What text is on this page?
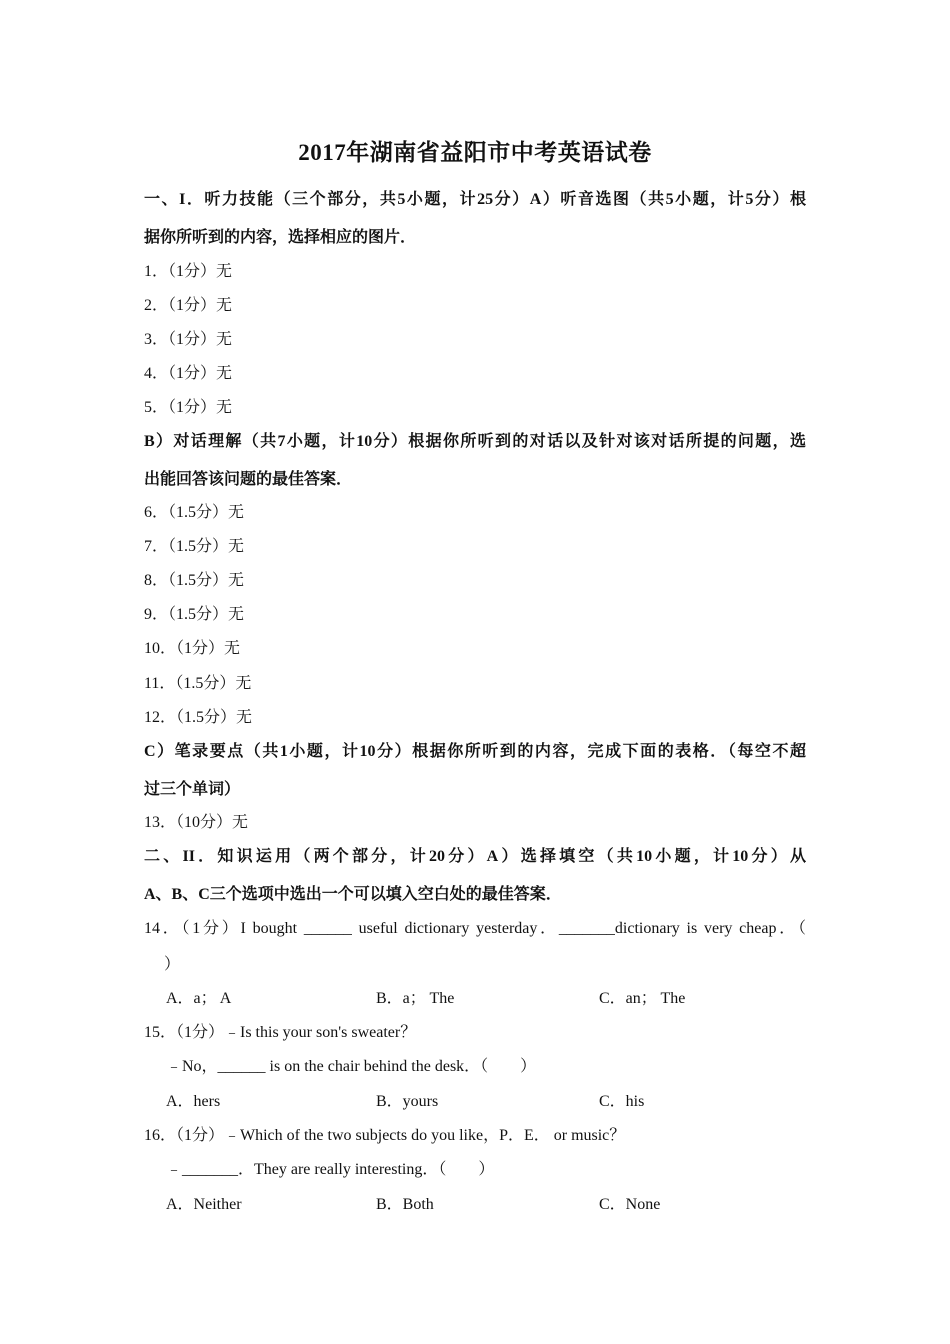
2017年湖南省益阳市中考英语试卷
一、I．听力技能（三个部分，共5小题，计25分）A）听音选图（共5小题，计5分）根
据你所听到的内容，选择相应的图片．
1．（1分）无
2．（1分）无
3．（1分）无
4．（1分）无
5．（1分）无
B）对话理解（共7小题，计10分）根据你所听到的对话以及针对该对话所提的问题，选
出能回答该问题的最佳答案．
6．（1.5分）无
7．（1.5分）无
8．（1.5分）无
9．（1.5分）无
10．（1分）无
11．（1.5分）无
12．（1.5分）无
C）笔录要点（共1小题，计10分）根据你所听到的内容，完成下面的表格．（每空不超
过三个单词）
13．（10分）无
二、II．知识运用（两个部分，计20分）A）选择填空（共10小题，计10分）从
A、B、C三个选项中选出一个可以填入空白处的最佳答案．
14．（1分）I bought ______ useful dictionary yesterday．_______dictionary is very cheap．（
）
A．a； A	B．a； The	C．an； The
15．（1分）﹣Is this your son's sweater？
﹣No，______ is on the chair behind the desk．（　　）
A．hers	B．yours	C．his
16．（1分）﹣Which of the two subjects do you like，P．E． or music？
﹣_______．They are really interesting．（　　）
A．Neither	B．Both	C．None
